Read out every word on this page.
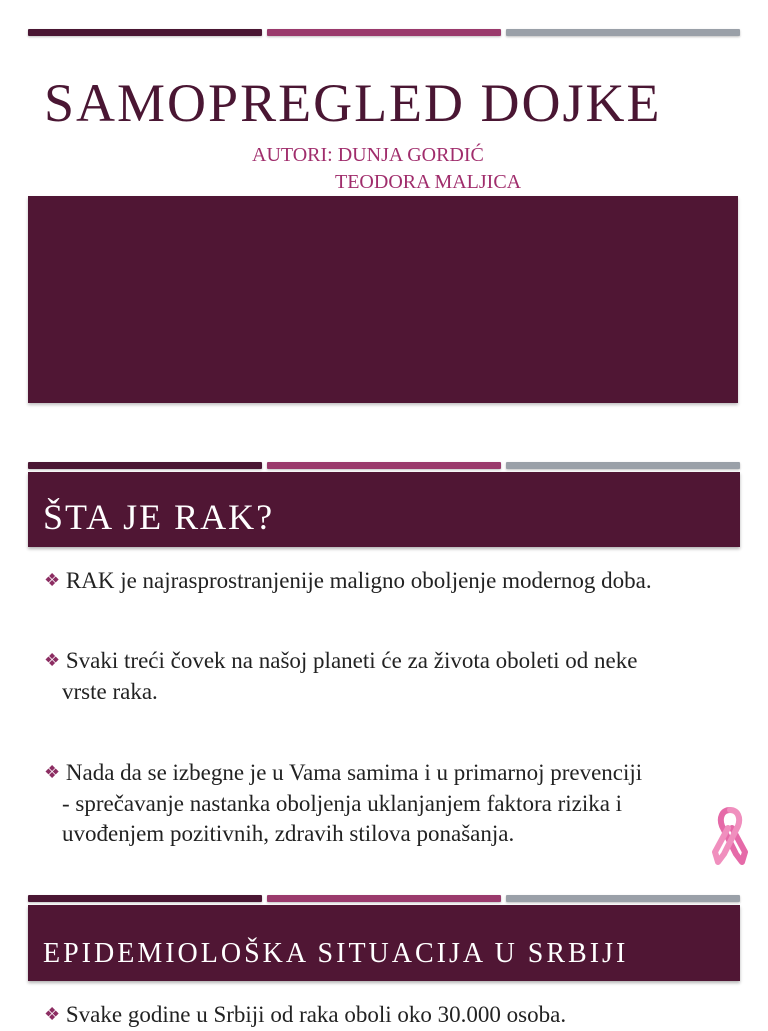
SAMOPREGLED DOJKE
AUTORI: DUNJA GORDIĆ
TEODORA MALJICA
ŠTA JE RAK?
❖ RAK je najrasprostranjenije maligno oboljenje modernog doba.
❖ Svaki treći čovek na našoj planeti će za života oboleti od neke
vrste raka.
❖ Nada da se izbegne je u Vama samima i u primarnoj prevenciji
- sprečavanje nastanka oboljenja uklanjanjem faktora rizika i
uvođenjem pozitivnih, zdravih stilova ponašanja.
EPIDEMIOLOŠKA SITUACIJA U SRBIJI
❖ Svake godine u Srbiji od raka oboli oko 30.000 osoba.
